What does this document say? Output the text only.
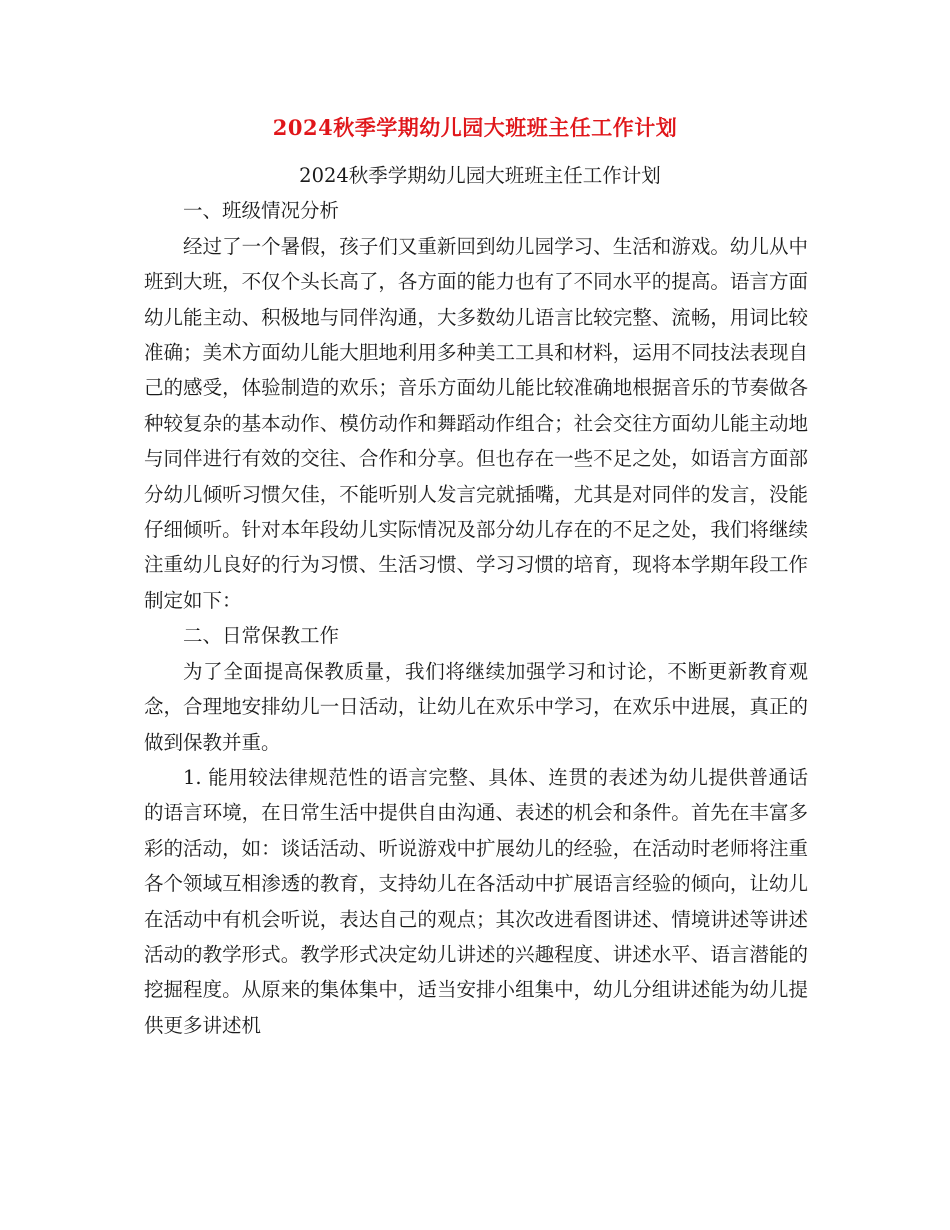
2024秋季学期幼儿园大班班主任工作计划

2024秋季学期幼儿园大班班主任工作计划

一、班级情况分析

经过了一个暑假，孩子们又重新回到幼儿园学习、生活和游戏。幼儿从中班到大班，不仅个头长高了，各方面的能力也有了不同水平的提高。语言方面幼儿能主动、积极地与同伴沟通，大多数幼儿语言比较完整、流畅，用词比较准确；美术方面幼儿能大胆地利用多种美工工具和材料，运用不同技法表现自己的感受，体验制造的欢乐；音乐方面幼儿能比较准确地根据音乐的节奏做各种较复杂的基本动作、模仿动作和舞蹈动作组合；社会交往方面幼儿能主动地与同伴进行有效的交往、合作和分享。但也存在一些不足之处，如语言方面部分幼儿倾听习惯欠佳，不能听别人发言完就插嘴，尤其是对同伴的发言，没能仔细倾听。针对本年段幼儿实际情况及部分幼儿存在的不足之处，我们将继续注重幼儿良好的行为习惯、生活习惯、学习习惯的培育，现将本学期年段工作制定如下：

二、日常保教工作

为了全面提高保教质量，我们将继续加强学习和讨论，不断更新教育观念，合理地安排幼儿一日活动，让幼儿在欢乐中学习，在欢乐中进展，真正的做到保教并重。

1. 能用较法律规范性的语言完整、具体、连贯的表述为幼儿提供普通话的语言环境，在日常生活中提供自由沟通、表述的机会和条件。首先在丰富多彩的活动，如：谈话活动、听说游戏中扩展幼儿的经验，在活动时老师将注重各个领域互相渗透的教育，支持幼儿在各活动中扩展语言经验的倾向，让幼儿在活动中有机会听说，表达自己的观点；其次改进看图讲述、情境讲述等讲述活动的教学形式。教学形式决定幼儿讲述的兴趣程度、讲述水平、语言潜能的挖掘程度。从原来的集体集中，适当安排小组集中，幼儿分组讲述能为幼儿提供更多讲述机
